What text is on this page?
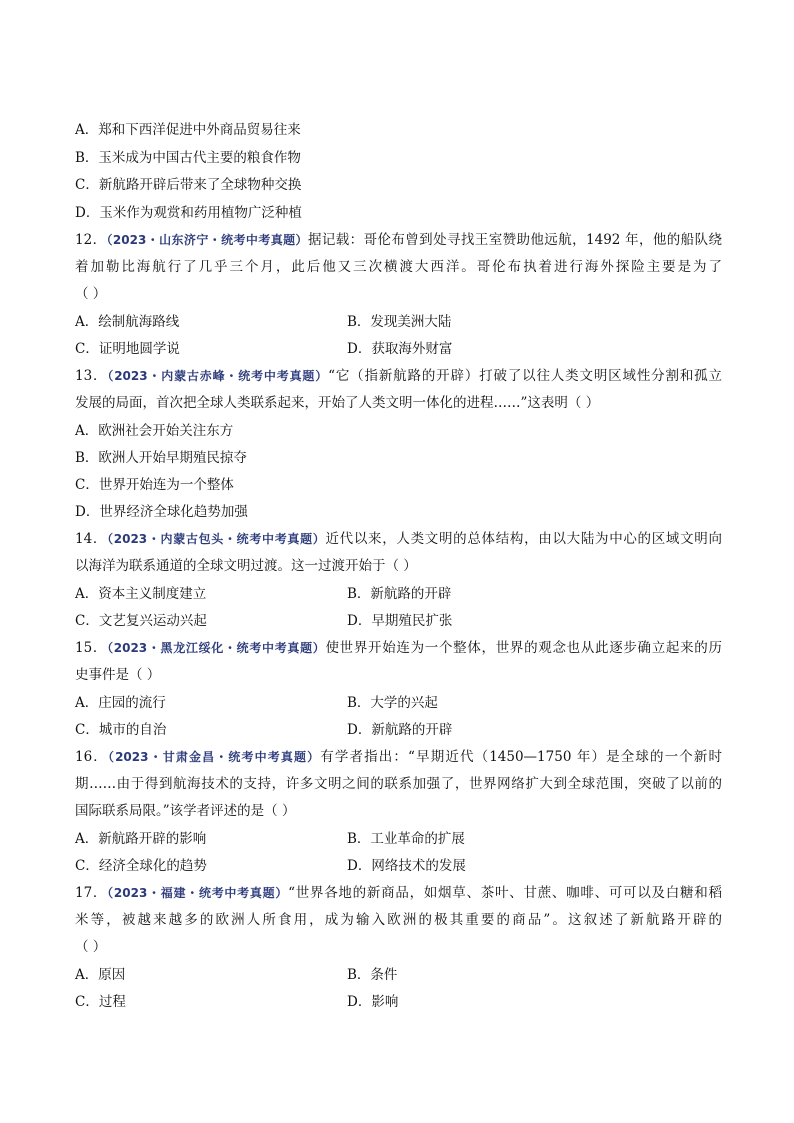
A．郑和下西洋促进中外商品贸易往来
B．玉米成为中国古代主要的粮食作物
C．新航路开辟后带来了全球物种交换
D．玉米作为观赏和药用植物广泛种植
12．（2023・山东济宁・统考中考真题）据记载：哥伦布曾到处寻找王室赞助他远航，1492 年，他的船队绕
着加勒比海航行了几乎三个月，此后他又三次横渡大西洋。哥伦布执着进行海外探险主要是为了
（ ）
A．绘制航海路线	B．发现美洲大陆
C．证明地圆学说	D．获取海外财富
13．（2023・内蒙古赤峰・统考中考真题）“它（指新航路的开辟）打破了以往人类文明区域性分割和孤立
发展的局面，首次把全球人类联系起来，开始了人类文明一体化的进程……”这表明（ ）
A．欧洲社会开始关注东方
B．欧洲人开始早期殖民掠夺
C．世界开始连为一个整体
D．世界经济全球化趋势加强
14．（2023・内蒙古包头・统考中考真题）近代以来，人类文明的总体结构，由以大陆为中心的区域文明向
以海洋为联系通道的全球文明过渡。这一过渡开始于（ ）
A．资本主义制度建立	B．新航路的开辟
C．文艺复兴运动兴起	D．早期殖民扩张
15．（2023・黑龙江绥化・统考中考真题）使世界开始连为一个整体，世界的观念也从此逐步确立起来的历
史事件是（ ）
A．庄园的流行	B．大学的兴起
C．城市的自治	D．新航路的开辟
16．（2023・甘肃金昌・统考中考真题）有学者指出：“早期近代（1450—1750 年）是全球的一个新时
期……由于得到航海技术的支持，许多文明之间的联系加强了，世界网络扩大到全球范围，突破了以前的
国际联系局限。”该学者评述的是（ ）
A．新航路开辟的影响	B．工业革命的扩展
C．经济全球化的趋势	D．网络技术的发展
17．（2023・福建・统考中考真题）“世界各地的新商品，如烟草、茶叶、甘蔗、咖啡、可可以及白糖和稻
米等，被越来越多的欧洲人所食用，成为输入欧洲的极其重要的商品”。这叙述了新航路开辟的
（ ）
A．原因	B．条件
C．过程	D．影响
